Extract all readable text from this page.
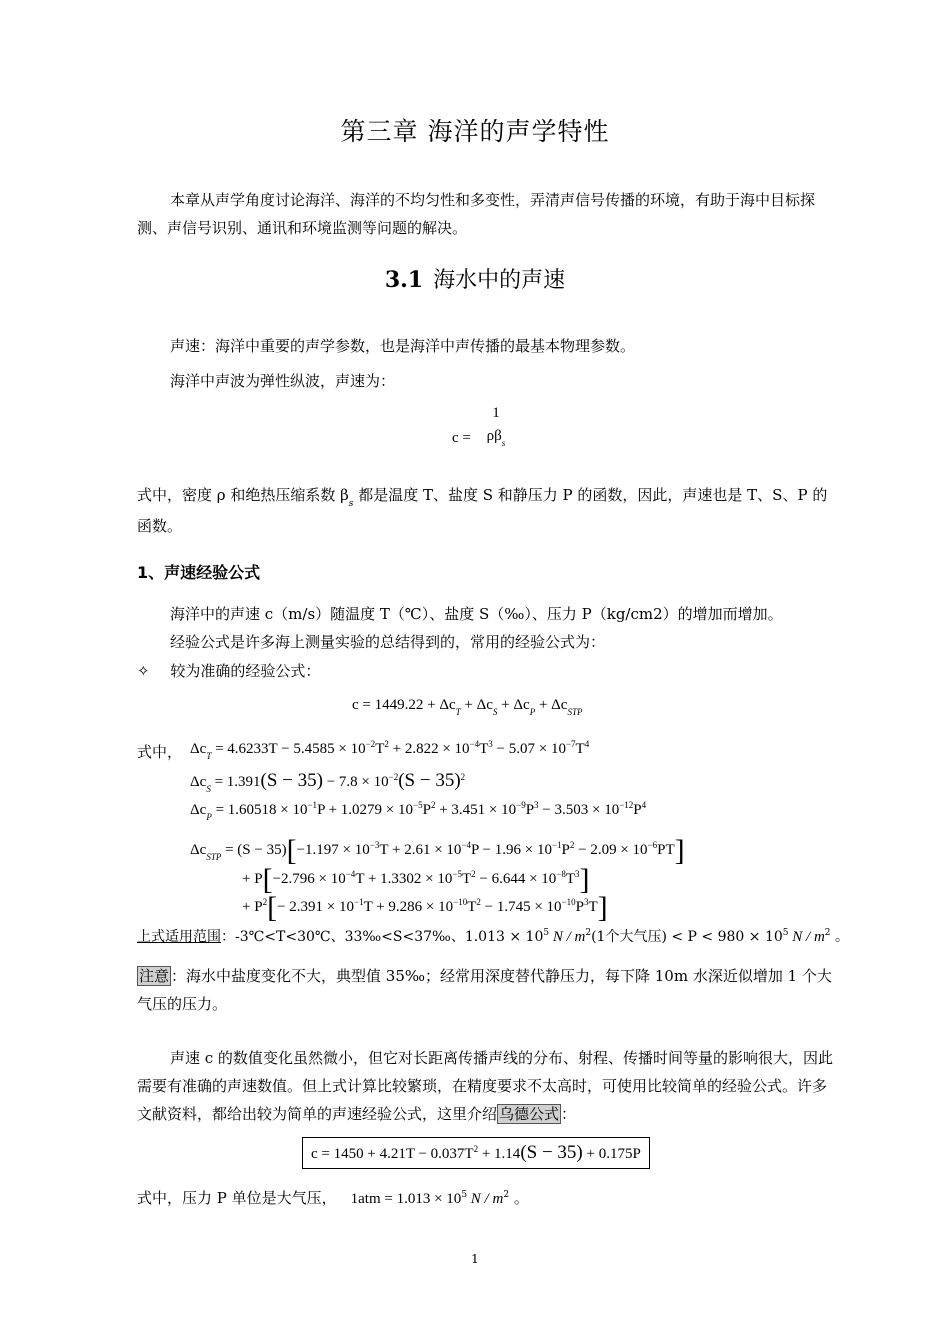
第三章 海洋的声学特性
本章从声学角度讨论海洋、海洋的不均匀性和多变性，弄清声信号传播的环境，有助于海中目标探测、声信号识别、通讯和环境监测等问题的解决。
3.1 海水中的声速
声速：海洋中重要的声学参数，也是海洋中声传播的最基本物理参数。
海洋中声波为弹性纵波，声速为：
c =
1
$\rho\beta_s$
式中，密度 ρ 和绝热压缩系数 $\beta_s$ 都是温度 T、盐度 S 和静压力 P 的函数，因此，声速也是 T、S、P 的函数。
1、声速经验公式
海洋中的声速 c（m/s）随温度 T（℃）、盐度 S（‰）、压力 P（kg/cm2）的增加而增加。
经验公式是许多海上测量实验的总结得到的，常用的经验公式为：
✧ 较为准确的经验公式：
$c = 1449.22 + \Delta c_T + \Delta c_S + \Delta c_P + \Delta c_{STP}$
式中， $\Delta c_T = 4.6233T - 5.4585 \times 10^{-2}T^2 + 2.822 \times 10^{-4}T^3 - 5.07 \times 10^{-7}T^4$
$\Delta c_S = 1.391(S - 35) - 7.8 \times 10^{-2}(S - 35)^2$
$\Delta c_P = 1.60518 \times 10^{-1}P + 1.0279 \times 10^{-5}P^2 + 3.451 \times 10^{-9}P^3 - 3.503 \times 10^{-12}P^4$
$\Delta c_{STP} = (S - 35)[-1.197 \times 10^{-3}T + 2.61 \times 10^{-4}P - 1.96 \times 10^{-1}P^2 - 2.09 \times 10^{-6}PT]$
+ $P[-2.796 \times 10^{-4}T + 1.3302 \times 10^{-5}T^2 - 6.644 \times 10^{-8}T^3]$
+ $P^2[- 2.391 \times 10^{-1}T + 9.286 \times 10^{-10}T^2 - 1.745 \times 10^{-10}P^3T]$
上式适用范围：-3℃<T<30℃、33‰<S<37‰、$1.013 \times 10^5$ N / $m^2(1$个大气压) < $P < 980 \times 10^5$ N / $m^2$ 。
注意 ：海水中盐度变化不大，典型值 35‰；经常用深度替代静压力，每下降 10m 水深近似增加 1 个大气压的压力。
声速 c 的数值变化虽然微小，但它对长距离传播声线的分布、射程、传播时间等量的影响很大，因此需要有准确的声速数值。但上式计算比较繁琐，在精度要求不太高时，可使用比较简单的经验公式。许多文献资料，都给出较为简单的声速经验公式，这里介绍 乌德公式 ：
$c = 1450 + 4.21T - 0.037T^2 + 1.14(S - 35) + 0.175P$
式中，压力 P 单位是大气压， $1atm = 1.013 \times 10^5$ N / $m^2$ 。
1
